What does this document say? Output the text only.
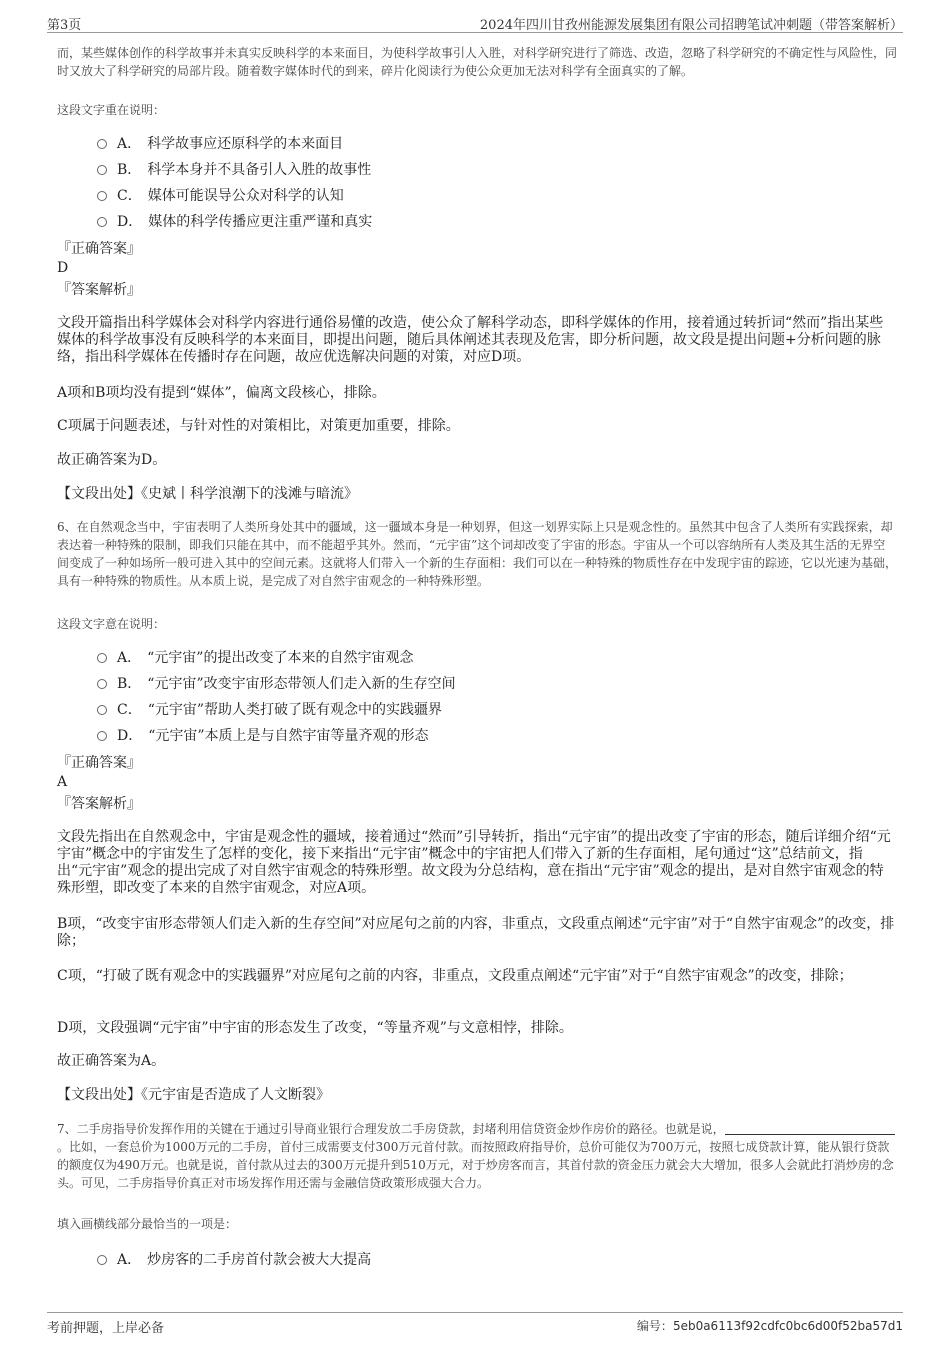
第3页	2024年四川甘孜州能源发展集团有限公司招聘笔试冲刺题（带答案解析）
而，某些媒体创作的科学故事并未真实反映科学的本来面目，为使科学故事引人入胜，对科学研究进行了筛选、改造，忽略了科学研究的不确定性与风险性，同时又放大了科学研究的局部片段。随着数字媒体时代的到来，碎片化阅读行为使公众更加无法对科学有全面真实的了解。
这段文字重在说明：
A． 科学故事应还原科学的本来面目
B． 科学本身并不具备引人入胜的故事性
C． 媒体可能误导公众对科学的认知
D． 媒体的科学传播应更注重严谨和真实
『正确答案』
D
『答案解析』
文段开篇指出科学媒体会对科学内容进行通俗易懂的改造，使公众了解科学动态，即科学媒体的作用，接着通过转折词“然而”指出某些媒体的科学故事没有反映科学的本来面目，即提出问题，随后具体阐述其表现及危害，即分析问题，故文段是提出问题+分析问题的脉络，指出科学媒体在传播时存在问题，故应优选解决问题的对策，对应D项。
A项和B项均没有提到“媒体”，偏离文段核心，排除。
C项属于问题表述，与针对性的对策相比，对策更加重要，排除。
故正确答案为D。
【文段出处】《史斌丨科学浪潮下的浅滩与暗流》
6、在自然观念当中，宇宙表明了人类所身处其中的疆域，这一疆域本身是一种划界，但这一划界实际上只是观念性的。虽然其中包含了人类所有实践探索，却表达着一种特殊的限制，即我们只能在其中，而不能超乎其外。然而，“元宇宙”这个词却改变了宇宙的形态。宇宙从一个可以容纳所有人类及其生活的无界空间变成了一种如场所一般可进入其中的空间元素。这就将人们带入一个新的生存面相：我们可以在一种特殊的物质性存在中发现宇宙的踪迹，它以光速为基础，具有一种特殊的物质性。从本质上说，是完成了对自然宇宙观念的一种特殊形塑。
这段文字意在说明：
A． “元宇宙”的提出改变了本来的自然宇宙观念
B． “元宇宙”改变宇宙形态带领人们走入新的生存空间
C． “元宇宙”帮助人类打破了既有观念中的实践疆界
D． “元宇宙”本质上是与自然宇宙等量齐观的形态
『正确答案』
A
『答案解析』
文段先指出在自然观念中，宇宙是观念性的疆域，接着通过“然而”引导转折，指出“元宇宙”的提出改变了宇宙的形态，随后详细介绍“元宇宙”概念中的宇宙发生了怎样的变化，接下来指出“元宇宙”概念中的宇宙把人们带入了新的生存面相，尾句通过“这”总结前文，指出“元宇宙”观念的提出完成了对自然宇宙观念的特殊形塑。故文段为分总结构，意在指出“元宇宙”观念的提出，是对自然宇宙观念的特殊形塑，即改变了本来的自然宇宙观念，对应A项。
B项，“改变宇宙形态带领人们走入新的生存空间”对应尾句之前的内容，非重点，文段重点阐述“元宇宙”对于“自然宇宙观念”的改变，排除；
C项，“打破了既有观念中的实践疆界”对应尾句之前的内容，非重点，文段重点阐述“元宇宙”对于“自然宇宙观念”的改变，排除；
D项，文段强调“元宇宙”中宇宙的形态发生了改变，“等量齐观”与文意相悖，排除。
故正确答案为A。
【文段出处】《元宇宙是否造成了人文断裂》
7、二手房指导价发挥作用的关键在于通过引导商业银行合理发放二手房贷款，封堵利用信贷资金炒作房价的路径。也就是说，。比如，一套总价为1000万元的二手房，首付三成需要支付300万元首付款。而按照政府指导价，总价可能仅为700万元，按照七成贷款计算，能从银行贷款的额度仅为490万元。也就是说，首付款从过去的300万元提升到510万元，对于炒房客而言，其首付款的资金压力就会大大增加，很多人会就此打消炒房的念头。可见，二手房指导价真正对市场发挥作用还需与金融信贷政策形成强大合力。
填入画横线部分最恰当的一项是：
A． 炒房客的二手房首付款会被大大提高
考前押题，上岸必备	编号：5eb0a6113f92cdfc0bc6d00f52ba57d1
